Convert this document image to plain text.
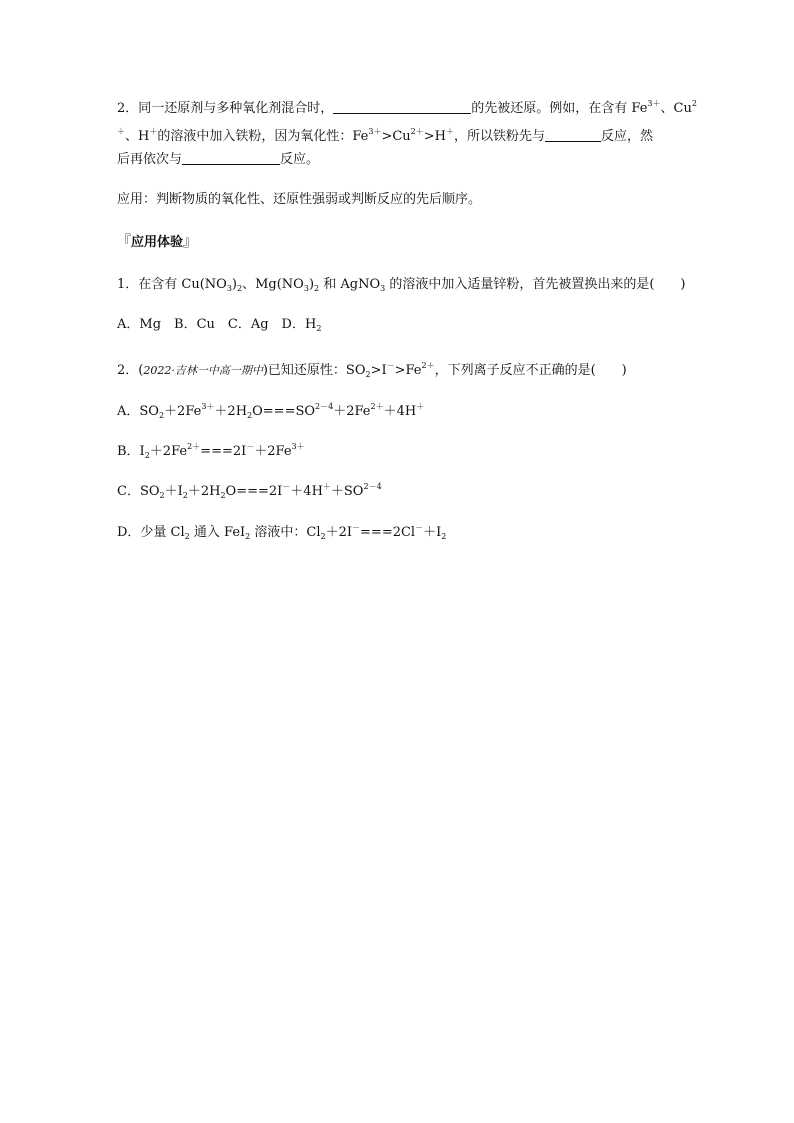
2．同一还原剂与多种氧化剂混合时，	的先被还原。例如，在含有 $Fe^{3+}$、Cu$^2$
＋、H＋的溶液中加入铁粉，因为氧化性：$Fe^{3+}>Cu^{2+}>H^+$，所以铁粉先与	反应，然
后再依次与	反应。
应用：判断物质的氧化性、还原性强弱或判断反应的先后顺序。
『应用体验』
1．在含有 $Cu(NO_3)_2$、$Mg(NO_3)_2$ 和 AgNO$_3$ 的溶液中加入适量锌粉，首先被置换出来的是(　　)
A．Mg　B．Cu　C．Ag　D．$H_2$
2．(2022·吉林一中高一期中)已知还原性：$SO_2>I^->Fe^{2+}$，下列离子反应不正确的是(　　)
A．$SO_2+2Fe^{3+}+2H_2O===SO^{2-4}+2Fe^{2+}+4H^+$
B．$I_2+2Fe^{2+}===2I^-+2Fe^{3+}$
C．$SO_2+I_2+2H_2O===2I^-+4H^++SO^{2-4}$
D．少量 $Cl_2$ 通入 FeI$_2$ 溶液中：$Cl_2+2I^-===2Cl^-+I_2$
